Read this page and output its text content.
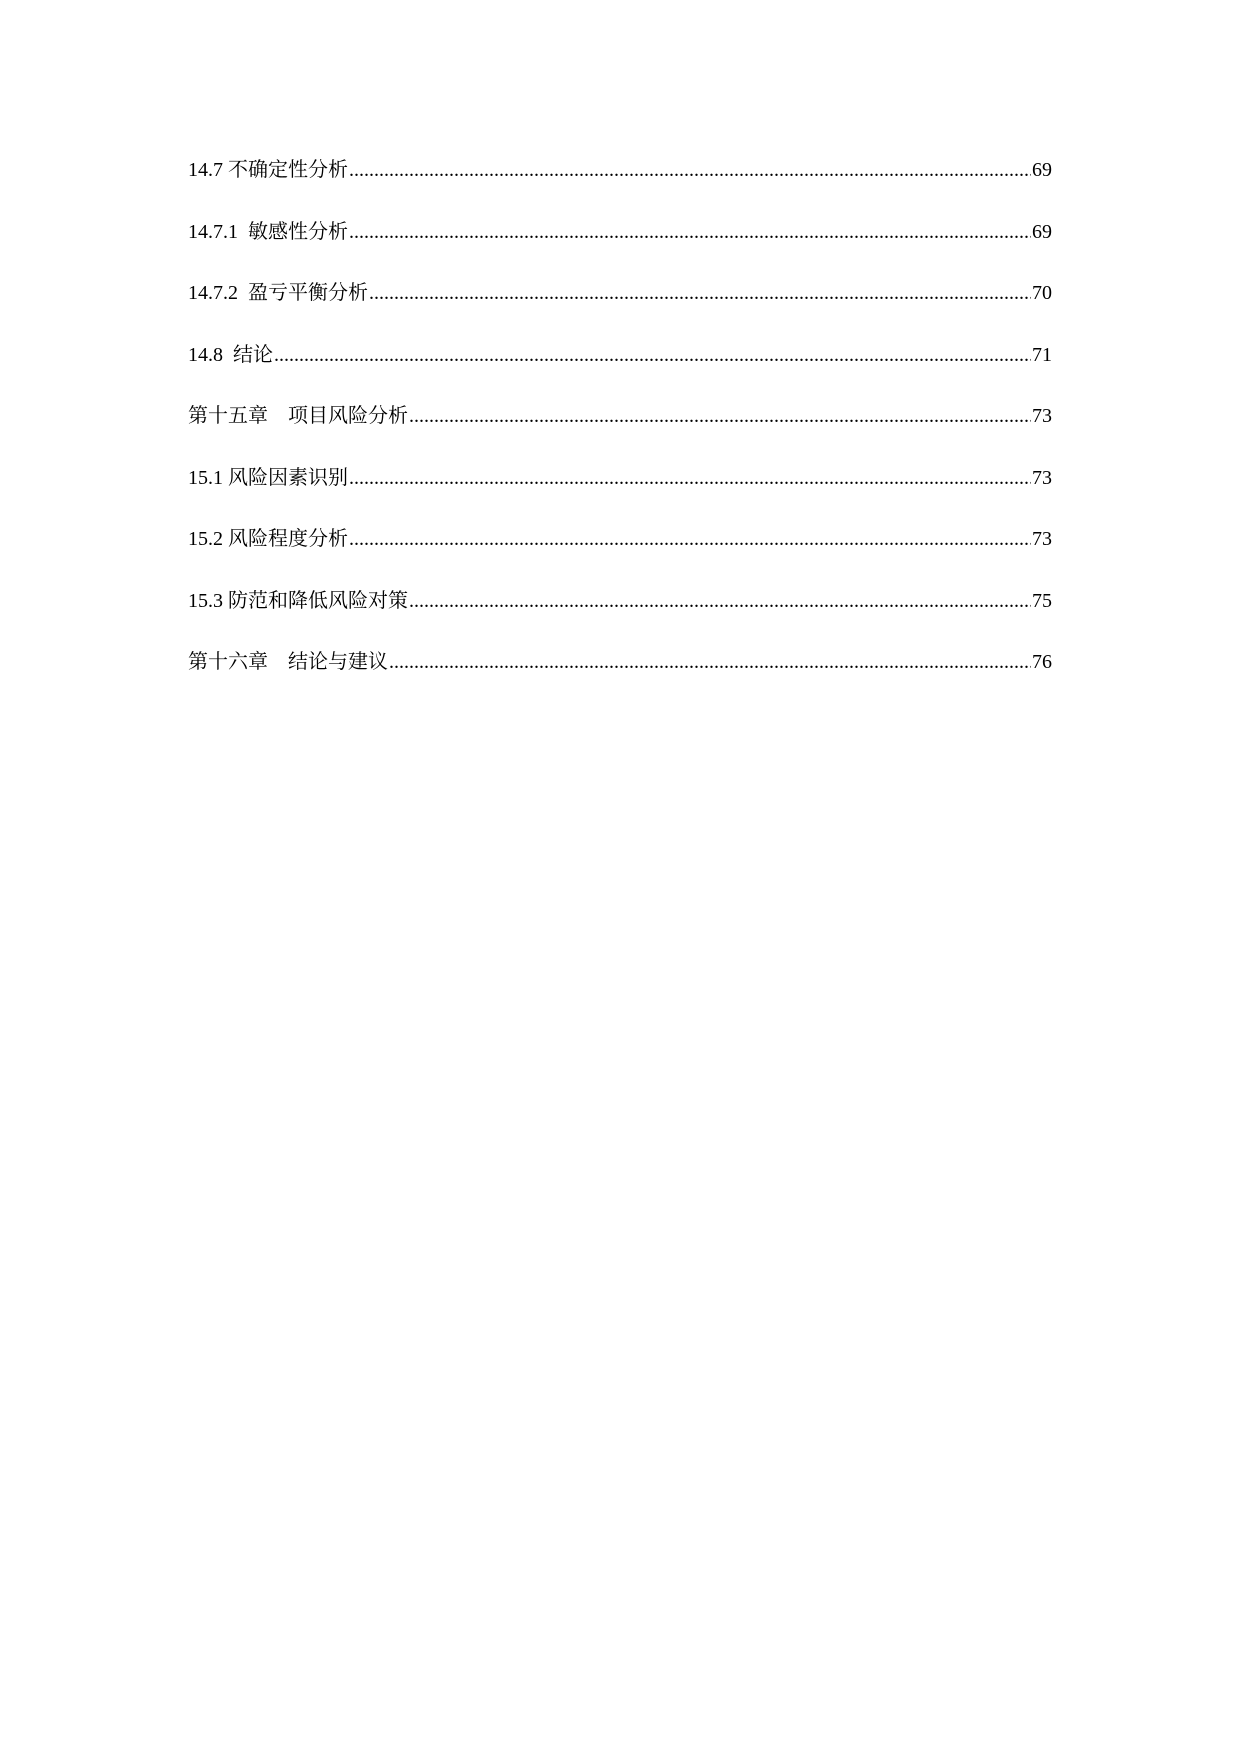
14.7 不确定性分析 .....	69
14.7.1  敏感性分析 .....	69
14.7.2  盈亏平衡分析 .....	70
14.8  结论 .....	71
第十五章　项目风险分析 .....	73
15.1 风险因素识别 .....	73
15.2 风险程度分析 .....	73
15.3 防范和降低风险对策 .....	75
第十六章　结论与建议 .....	76
